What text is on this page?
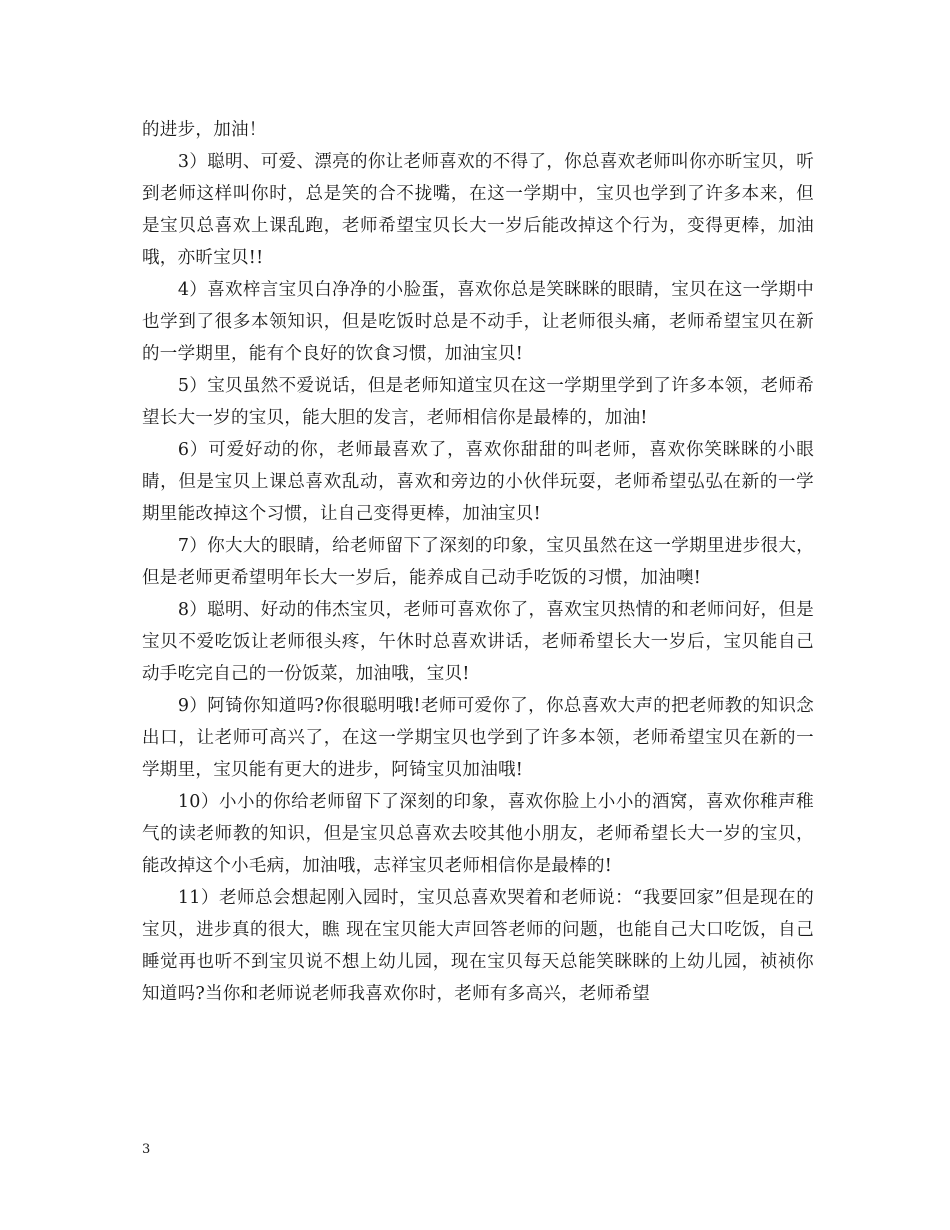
的进步，加油！

3）聪明、可爱、漂亮的你让老师喜欢的不得了，你总喜欢老师叫你亦昕宝贝，听到老师这样叫你时，总是笑的合不拢嘴，在这一学期中，宝贝也学到了许多本来，但是宝贝总喜欢上课乱跑，老师希望宝贝长大一岁后能改掉这个行为，变得更棒，加油哦，亦昕宝贝!!

4）喜欢梓言宝贝白净净的小脸蛋，喜欢你总是笑眯眯的眼睛，宝贝在这一学期中也学到了很多本领知识，但是吃饭时总是不动手，让老师很头痛，老师希望宝贝在新的一学期里，能有个良好的饮食习惯，加油宝贝!

5）宝贝虽然不爱说话，但是老师知道宝贝在这一学期里学到了许多本领，老师希望长大一岁的宝贝，能大胆的发言，老师相信你是最棒的，加油!

6）可爱好动的你，老师最喜欢了，喜欢你甜甜的叫老师，喜欢你笑眯眯的小眼睛，但是宝贝上课总喜欢乱动，喜欢和旁边的小伙伴玩耍，老师希望弘弘在新的一学期里能改掉这个习惯，让自己变得更棒，加油宝贝!

7）你大大的眼睛，给老师留下了深刻的印象，宝贝虽然在这一学期里进步很大，但是老师更希望明年长大一岁后，能养成自己动手吃饭的习惯，加油噢!

8）聪明、好动的伟杰宝贝，老师可喜欢你了，喜欢宝贝热情的和老师问好，但是宝贝不爱吃饭让老师很头疼，午休时总喜欢讲话，老师希望长大一岁后，宝贝能自己动手吃完自己的一份饭菜，加油哦，宝贝!

9）阿锜你知道吗?你很聪明哦!老师可爱你了，你总喜欢大声的把老师教的知识念出口，让老师可高兴了，在这一学期宝贝也学到了许多本领，老师希望宝贝在新的一学期里，宝贝能有更大的进步，阿锜宝贝加油哦!

10）小小的你给老师留下了深刻的印象，喜欢你脸上小小的酒窝，喜欢你稚声稚气的读老师教的知识，但是宝贝总喜欢去咬其他小朋友，老师希望长大一岁的宝贝，能改掉这个小毛病，加油哦，志祥宝贝老师相信你是最棒的!

11）老师总会想起刚入园时，宝贝总喜欢哭着和老师说：“我要回家”但是现在的宝贝，进步真的很大，瞧 现在宝贝能大声回答老师的问题，也能自己大口吃饭，自己睡觉再也听不到宝贝说不想上幼儿园，现在宝贝每天总能笑眯眯的上幼儿园，祯祯你知道吗?当你和老师说老师我喜欢你时，老师有多高兴，老师希望

3
